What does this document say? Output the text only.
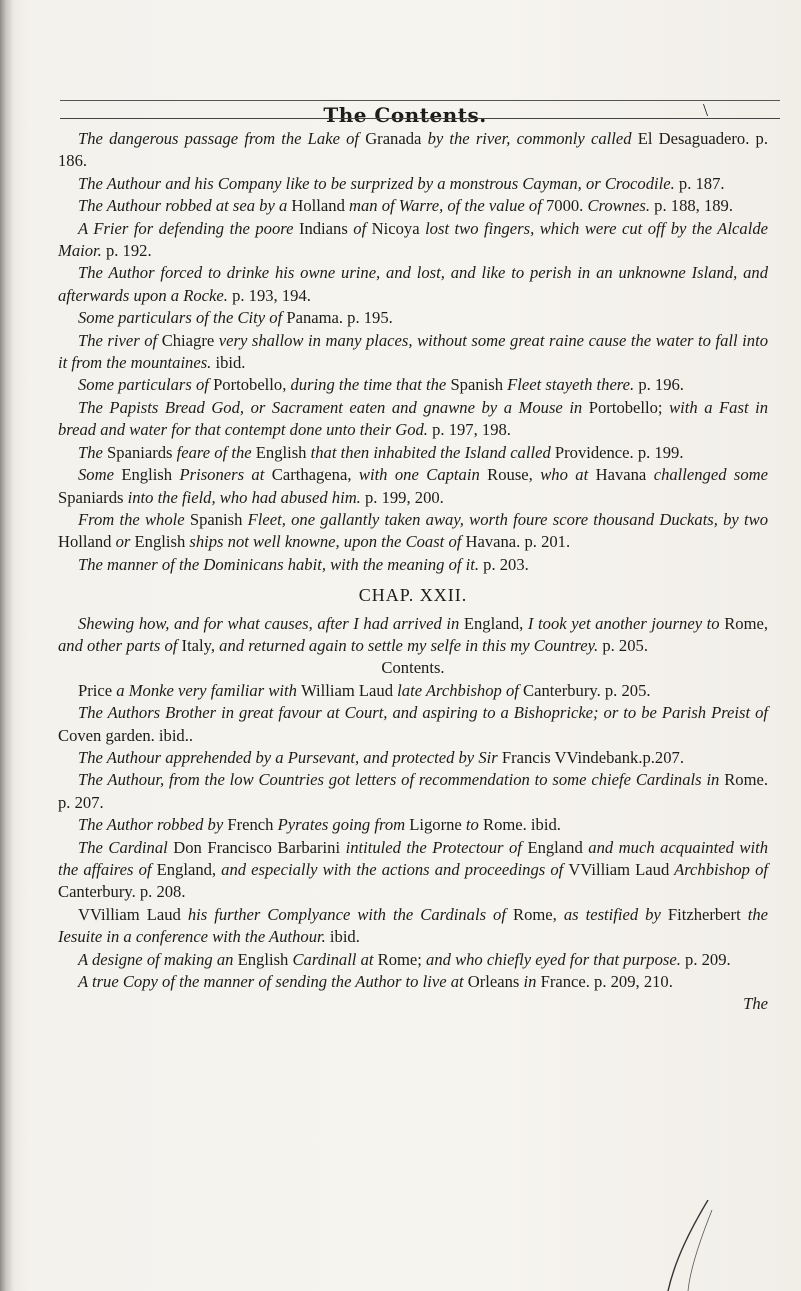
The Contents.	\

The dangerous passage from the Lake of Granada by the river, commonly called El Desaguadero. p. 186.

The Authour and his Company like to be surprized by a monstrous Cayman, or Crocodile. p. 187.

The Authour robbed at sea by a Holland man of Warre, of the value of 7000. Crownes. p. 188, 189.

A Frier for defending the poore Indians of Nicoya lost two fingers, which were cut off by the Alcalde Maior. p. 192.

The Author forced to drinke his owne urine, and lost, and like to perish in an unknowne Island, and afterwards upon a Rocke. p. 193, 194.

Some particulars of the City of Panama. p. 195.

The river of Chiagre very shallow in many places, without some great raine cause the water to fall into it from the mountaines. ibid.

Some particulars of Portobello, during the time that the Spanish Fleet stayeth there. p. 196.

The Papists Bread God, or Sacrament eaten and gnawne by a Mouse in Portobello; with a Fast in bread and water for that contempt done unto their God. p. 197, 198.

The Spaniards feare of the English that then inhabited the Island called Providence. p. 199.

Some English Prisoners at Carthagena, with one Captain Rouse, who at Havana challenged some Spaniards into the field, who had abused him. p. 199, 200.

From the whole Spanish Fleet, one gallantly taken away, worth foure score thousand Duckats, by two Holland or English ships not well knowne, upon the Coast of Havana. p. 201.

The manner of the Dominicans habit, with the meaning of it. p. 203.

CHAP. XXII.

Shewing how, and for what causes, after I had arrived in England, I took yet another journey to Rome, and other parts of Italy, and returned again to settle my selfe in this my Countrey. p. 205.

Contents.

Price a Monke very familiar with William Laud late Archbishop of Canterbury. p. 205.

The Authors Brother in great favour at Court, and aspiring to a Bishopricke; or to be Parish Preist of Coven garden. ibid..

The Authour apprehended by a Pursevant, and protected by Sir Francis VVindebank.p.207.

The Authour, from the low Countries got letters of recommendation to some chiefe Cardinals in Rome. p. 207.

The Author robbed by French Pyrates going from Ligorne to Rome. ibid.

The Cardinal Don Francisco Barbarini intituled the Protectour of England and much acquainted with the affaires of England, and especially with the actions and proceedings of VVilliam Laud Archbishop of Canterbury. p. 208.

VVilliam Laud his further Complyance with the Cardinals of Rome, as testified by Fitzherbert the Iesuite in a conference with the Authour. ibid.

A designe of making an English Cardinall at Rome; and who chiefly eyed for that purpose. p. 209.

A true Copy of the manner of sending the Author to live at Orleans in France. p. 209, 210.

The
